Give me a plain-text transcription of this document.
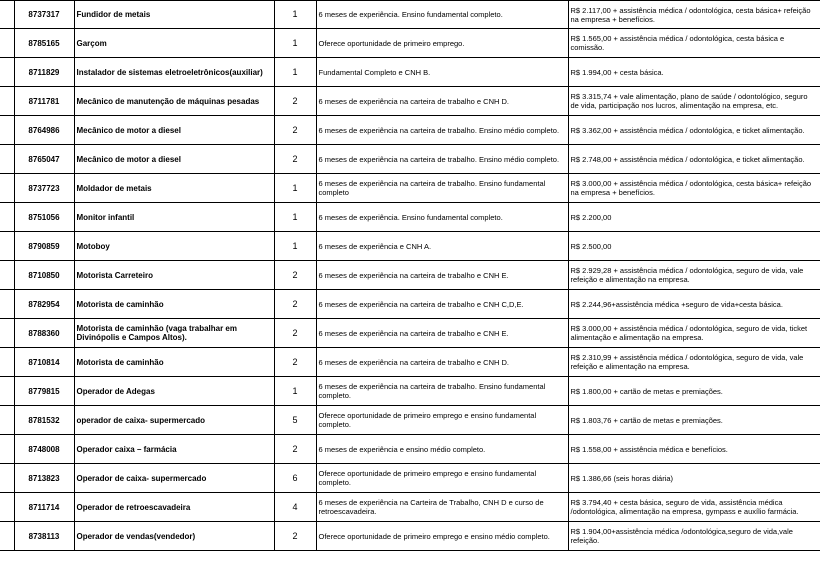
	8737317	Fundidor de metais	1	6 meses de experiência. Ensino fundamental completo.	R$ 2.117,00 + assistência médica / odontológica, cesta básica+ refeição na empresa + benefícios.
	8785165	Garçom	1	Oferece oportunidade de primeiro emprego.	R$ 1.565,00 + assistência médica / odontológica, cesta básica e comissão.
	8711829	Instalador de sistemas eletroeletrônicos(auxiliar)	1	Fundamental Completo e CNH B.	R$ 1.994,00 + cesta básica.
	8711781	Mecânico de manutenção de máquinas pesadas	2	6 meses de experiência na carteira de trabalho e CNH D.	R$ 3.315,74 + vale alimentação, plano de saúde / odontológico, seguro de vida, participação nos lucros, alimentação na empresa, etc.
	8764986	Mecânico de motor a diesel	2	6 meses de experiência na carteira de trabalho. Ensino médio completo.	R$ 3.362,00 + assistência médica / odontológica, e ticket alimentação.
	8765047	Mecânico de motor a diesel	2	6 meses de experiência na carteira de trabalho. Ensino médio completo.	R$ 2.748,00 + assistência médica / odontológica, e ticket alimentação.
	8737723	Moldador de metais	1	6 meses de experiência na carteira de trabalho. Ensino fundamental completo	R$ 3.000,00 + assistência médica / odontológica, cesta básica+ refeição na empresa + benefícios.
	8751056	Monitor infantil	1	6 meses de experiência. Ensino fundamental completo.	R$ 2.200,00
	8790859	Motoboy	1	6 meses de experiência e CNH A.	R$ 2.500,00
	8710850	Motorista Carreteiro	2	6 meses de experiência na carteira de trabalho e CNH E.	R$ 2.929,28 + assistência médica / odontológica, seguro de vida, vale refeição e alimentação na empresa.
	8782954	Motorista de caminhão	2	6 meses de experiência na carteira de trabalho e CNH C,D,E.	R$ 2.244,96+assistência médica +seguro de vida+cesta básica.
	8788360	Motorista de caminhão (vaga trabalhar em Divinópolis e Campos Altos).	2	6 meses de experiência na carteira de trabalho e CNH E.	R$ 3.000,00 + assistência médica / odontológica, seguro de vida, ticket alimentação e alimentação na empresa.
	8710814	Motorista de caminhão	2	6 meses de experiência na carteira de trabalho e CNH D.	R$ 2.310,99 + assistência médica / odontológica, seguro de vida, vale refeição e alimentação na empresa.
	8779815	Operador de Adegas	1	6 meses de experiência na carteira de trabalho. Ensino fundamental completo.	R$ 1.800,00 + cartão de metas e premiações.
	8781532	operador de caixa- supermercado	5	Oferece oportunidade de primeiro emprego e ensino fundamental completo.	R$ 1.803,76 + cartão de metas e premiações.
	8748008	Operador caixa – farmácia	2	6 meses de experiência e ensino médio completo.	R$ 1.558,00 + assistência médica e benefícios.
	8713823	Operador de caixa- supermercado	6	Oferece oportunidade de primeiro emprego e ensino fundamental completo.	R$ 1.386,66 (seis horas diária)
	8711714	Operador de retroescavadeira	4	6 meses de experiência na Carteira de Trabalho, CNH D e curso de retroescavadeira.	R$ 3.794,40 + cesta básica, seguro de vida, assistência médica /odontológica, alimentação na empresa, gympass e auxílio farmácia.
	8738113	Operador de vendas(vendedor)	2	Oferece oportunidade de primeiro emprego e ensino médio completo.	R$ 1.904,00+assistência médica /odontológica,seguro de vida,vale refeição.
